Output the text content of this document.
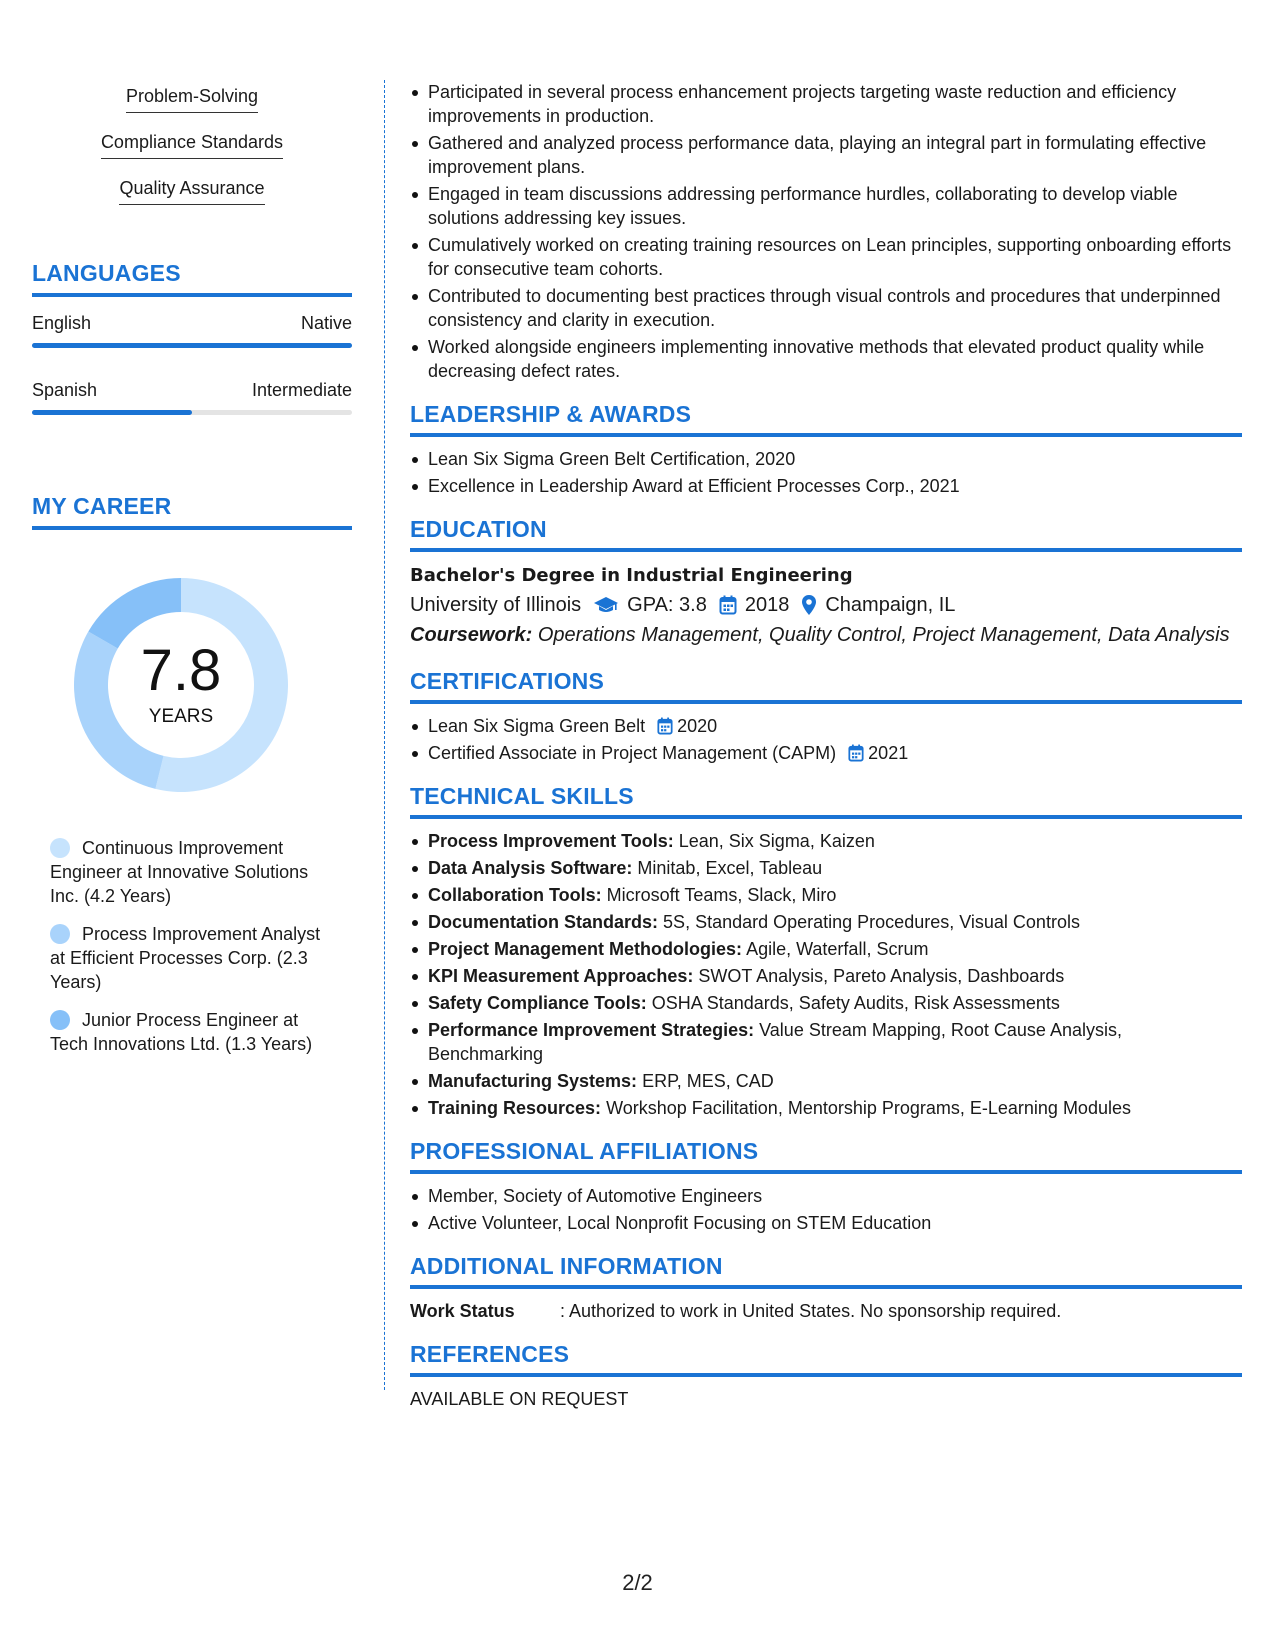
Problem-Solving
Compliance Standards
Quality Assurance
LANGUAGES
English	Native
Spanish	Intermediate
MY CAREER
7.8
YEARS
Continuous Improvement Engineer at Innovative Solutions Inc. (4.2 Years)
Process Improvement Analyst at Efficient Processes Corp. (2.3 Years)
Junior Process Engineer at Tech Innovations Ltd. (1.3 Years)
Participated in several process enhancement projects targeting waste reduction and efficiency improvements in production.
Gathered and analyzed process performance data, playing an integral part in formulating effective improvement plans.
Engaged in team discussions addressing performance hurdles, collaborating to develop viable solutions addressing key issues.
Cumulatively worked on creating training resources on Lean principles, supporting onboarding efforts for consecutive team cohorts.
Contributed to documenting best practices through visual controls and procedures that underpinned consistency and clarity in execution.
Worked alongside engineers implementing innovative methods that elevated product quality while decreasing defect rates.
LEADERSHIP & AWARDS
Lean Six Sigma Green Belt Certification, 2020
Excellence in Leadership Award at Efficient Processes Corp., 2021
EDUCATION
Bachelor's Degree in Industrial Engineering
University of Illinois GPA: 3.8 2018 Champaign, IL
Coursework: Operations Management, Quality Control, Project Management, Data Analysis
CERTIFICATIONS
Lean Six Sigma Green Belt 2020
Certified Associate in Project Management (CAPM) 2021
TECHNICAL SKILLS
Process Improvement Tools: Lean, Six Sigma, Kaizen
Data Analysis Software: Minitab, Excel, Tableau
Collaboration Tools: Microsoft Teams, Slack, Miro
Documentation Standards: 5S, Standard Operating Procedures, Visual Controls
Project Management Methodologies: Agile, Waterfall, Scrum
KPI Measurement Approaches: SWOT Analysis, Pareto Analysis, Dashboards
Safety Compliance Tools: OSHA Standards, Safety Audits, Risk Assessments
Performance Improvement Strategies: Value Stream Mapping, Root Cause Analysis, Benchmarking
Manufacturing Systems: ERP, MES, CAD
Training Resources: Workshop Facilitation, Mentorship Programs, E-Learning Modules
PROFESSIONAL AFFILIATIONS
Member, Society of Automotive Engineers
Active Volunteer, Local Nonprofit Focusing on STEM Education
ADDITIONAL INFORMATION
Work Status	: Authorized to work in United States. No sponsorship required.
REFERENCES
AVAILABLE ON REQUEST
2/2
